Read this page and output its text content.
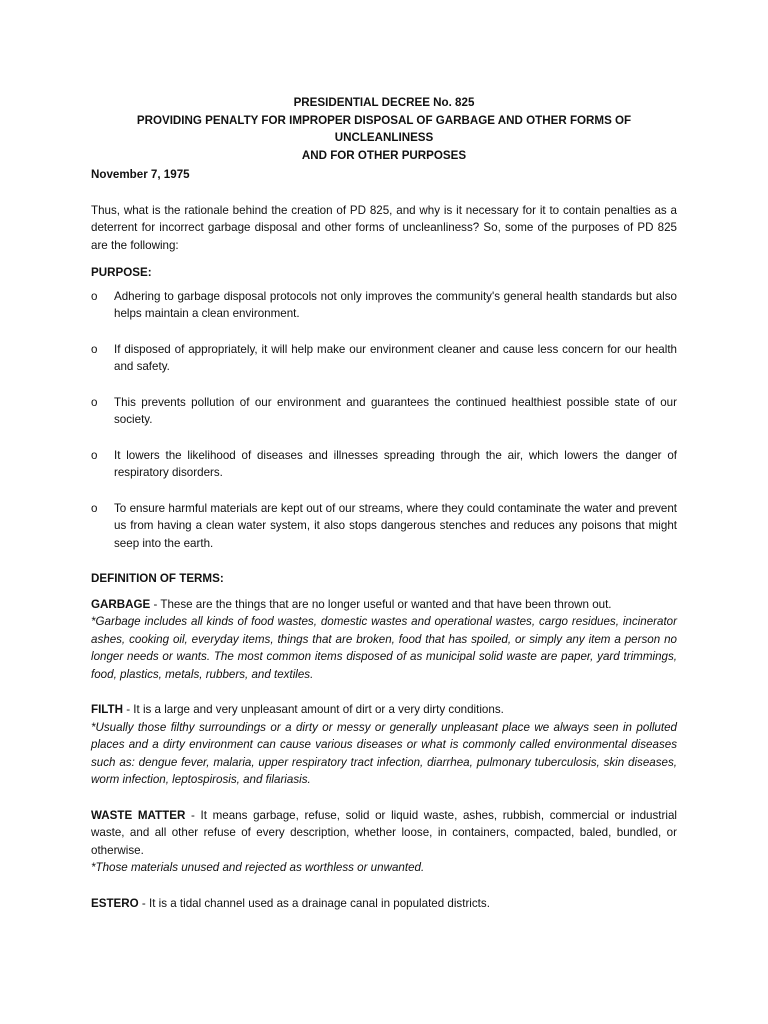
PRESIDENTIAL DECREE No. 825
PROVIDING PENALTY FOR IMPROPER DISPOSAL OF GARBAGE AND OTHER FORMS OF UNCLEANLINESS
AND FOR OTHER PURPOSES
November 7, 1975

Thus, what is the rationale behind the creation of PD 825, and why is it necessary for it to contain penalties as a deterrent for incorrect garbage disposal and other forms of uncleanliness? So, some of the purposes of PD 825 are the following:

PURPOSE:
o Adhering to garbage disposal protocols not only improves the community's general health standards but also helps maintain a clean environment.
o If disposed of appropriately, it will help make our environment cleaner and cause less concern for our health and safety.
o This prevents pollution of our environment and guarantees the continued healthiest possible state of our society.
o It lowers the likelihood of diseases and illnesses spreading through the air, which lowers the danger of respiratory disorders.
o To ensure harmful materials are kept out of our streams, where they could contaminate the water and prevent us from having a clean water system, it also stops dangerous stenches and reduces any poisons that might seep into the earth.
DEFINITION OF TERMS:

GARBAGE - These are the things that are no longer useful or wanted and that have been thrown out.

*Garbage includes all kinds of food wastes, domestic wastes and operational wastes, cargo residues, incinerator ashes, cooking oil, everyday items, things that are broken, food that has spoiled, or simply any item a person no longer needs or wants. The most common items disposed of as municipal solid waste are paper, yard trimmings, food, plastics, metals, rubbers, and textiles.

FILTH - It is a large and very unpleasant amount of dirt or a very dirty conditions.

*Usually those filthy surroundings or a dirty or messy or generally unpleasant place we always seen in polluted places and a dirty environment can cause various diseases or what is commonly called environmental diseases such as: dengue fever, malaria, upper respiratory tract infection, diarrhea, pulmonary tuberculosis, skin diseases, worm infection, leptospirosis, and filariasis.

WASTE MATTER - It means garbage, refuse, solid or liquid waste, ashes, rubbish, commercial or industrial waste, and all other refuse of every description, whether loose, in containers, compacted, baled, bundled, or otherwise.

*Those materials unused and rejected as worthless or unwanted.

ESTERO - It is a tidal channel used as a drainage canal in populated districts.
